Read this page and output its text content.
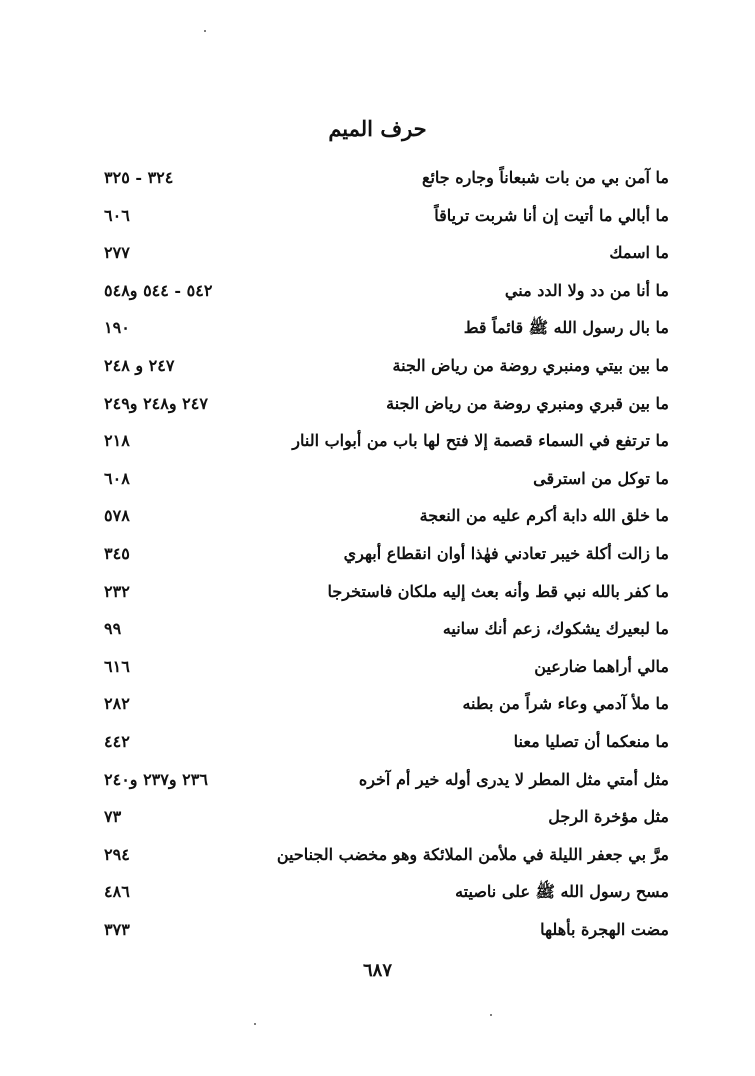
حرف الميم
ما آمن بي من بات شبعاناً وجاره جائع
٣٢٤ - ٣٢٥
ما أبالي ما أتيت إن أنا شربت ترياقاً
٦٠٦
ما اسمك
٢٧٧
ما أنا من دد ولا الدد مني
٥٤٢ - ٥٤٤ و٥٤٨
ما بال رسول الله ﷺ قائماً قط
١٩٠
ما بين بيتي ومنبري روضة من رياض الجنة
٢٤٧ و ٢٤٨
ما بين قبري ومنبري روضة من رياض الجنة
٢٤٧ و٢٤٨ و٢٤٩
ما ترتفع في السماء قصمة إلا فتح لها باب من أبواب النار
٢١٨
ما توكل من استرقى
٦٠٨
ما خلق الله دابة أكرم عليه من النعجة
٥٧٨
ما زالت أكلة خيبر تعادني فهٰذا أوان انقطاع أبهري
٣٤٥
ما كفر بالله نبي قط وأنه بعث إليه ملكان فاستخرجا
٢٣٢
ما لبعيرك يشكوك، زعم أنك سانيه
٩٩
مالي أراهما ضارعين
٦١٦
ما ملأ آدمي وعاء شراً من بطنه
٢٨٢
ما منعكما أن تصليا معنا
٤٤٢
مثل أمتي مثل المطر لا يدرى أوله خير أم آخره
٢٣٦ و٢٣٧ و٢٤٠
مثل مؤخرة الرجل
٧٣
مرَّ بي جعفر الليلة في ملأمن الملائكة وهو مخضب الجناحين
٢٩٤
مسح رسول الله ﷺ على ناصيته
٤٨٦
مضت الهجرة بأهلها
٣٧٣
٦٨٧
